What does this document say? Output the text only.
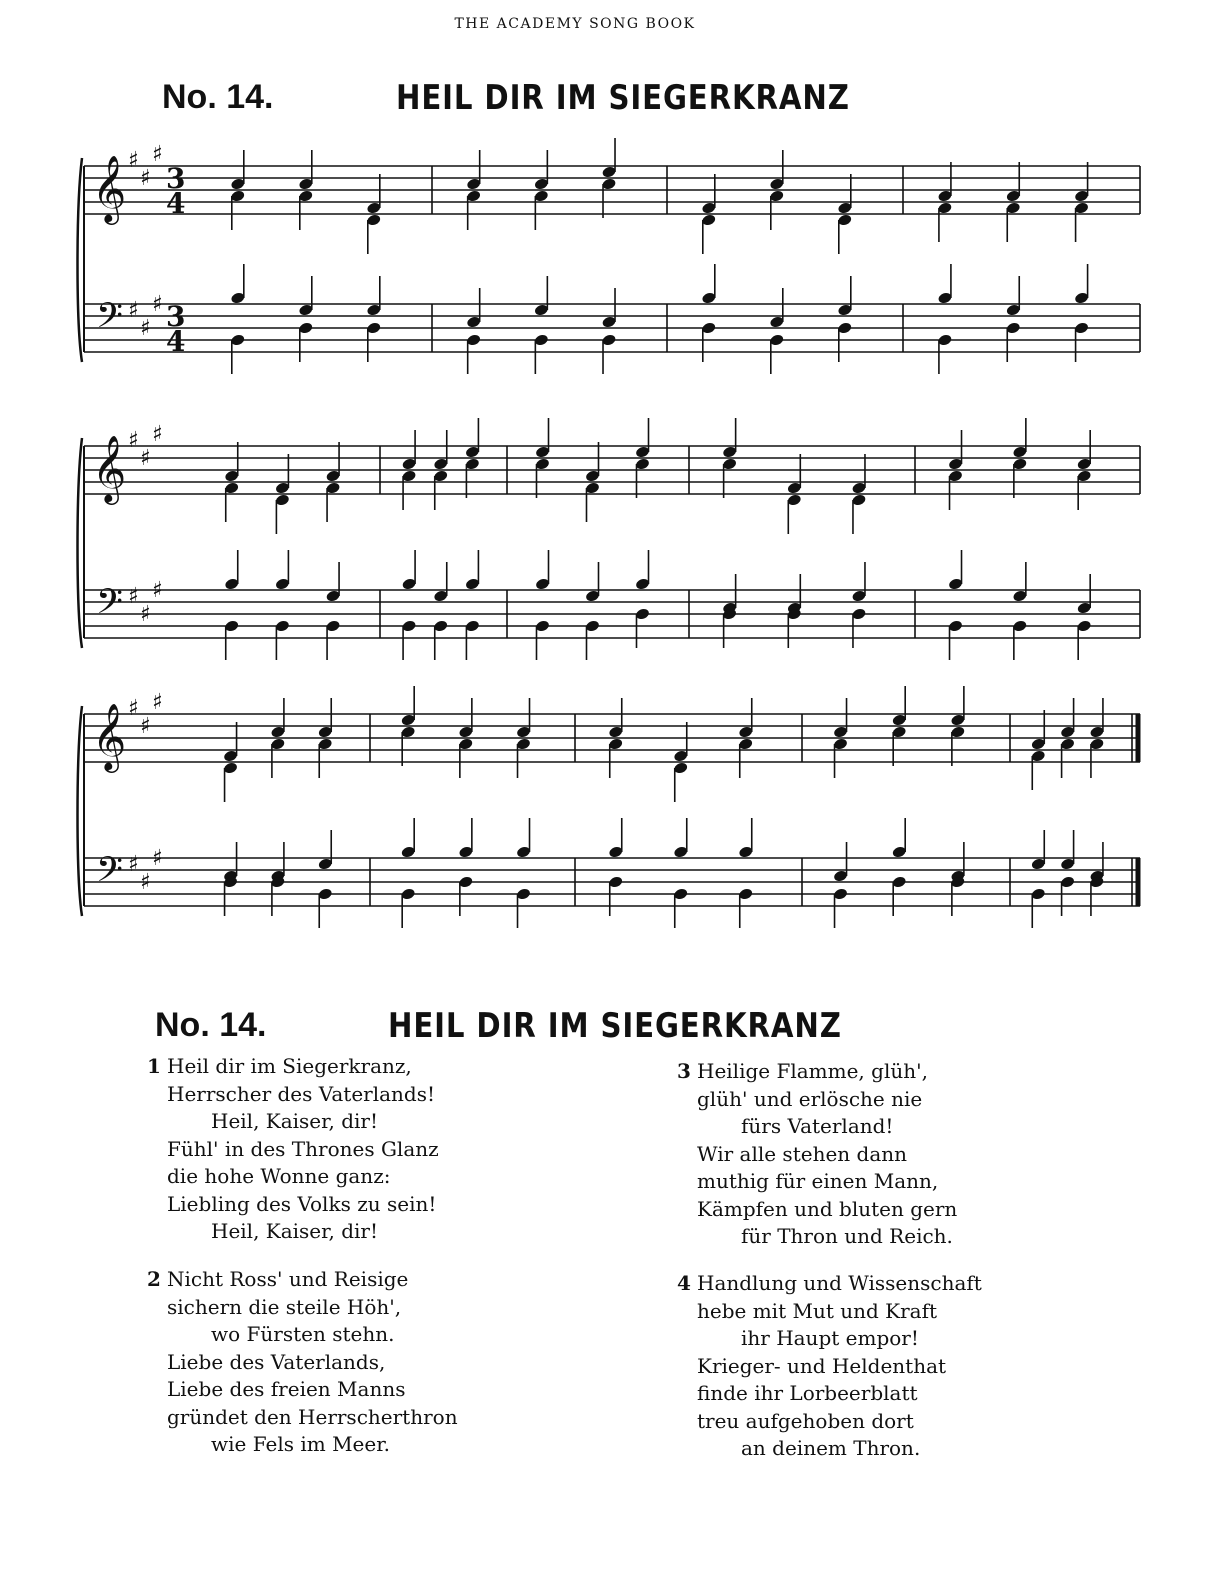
THE ACADEMY SONG BOOK
No. 14.	HEIL DIR IM SIEGERKRANZ
𝄞
𝄢
♯
♯
♯
♯
♯
♯
3
4
3
4
𝄞
𝄢
♯
♯
♯
♯
♯
♯
𝄞
𝄢
♯
♯
♯
♯
♯
♯
No. 14.	HEIL DIR IM SIEGERKRANZ
1 Heil dir im Siegerkranz,
Herrscher des Vaterlands!
Heil, Kaiser, dir!
Fühl' in des Thrones Glanz
die hohe Wonne ganz:
Liebling des Volks zu sein!
Heil, Kaiser, dir!
2 Nicht Ross' und Reisige
sichern die steile Höh',
wo Fürsten stehn.
Liebe des Vaterlands,
Liebe des freien Manns
gründet den Herrscherthron
wie Fels im Meer.
3 Heilige Flamme, glüh',
glüh' und erlösche nie
fürs Vaterland!
Wir alle stehen dann
muthig für einen Mann,
Kämpfen und bluten gern
für Thron und Reich.
4 Handlung und Wissenschaft
hebe mit Mut und Kraft
ihr Haupt empor!
Krieger- und Heldenthat
finde ihr Lorbeerblatt
treu aufgehoben dort
an deinem Thron.
